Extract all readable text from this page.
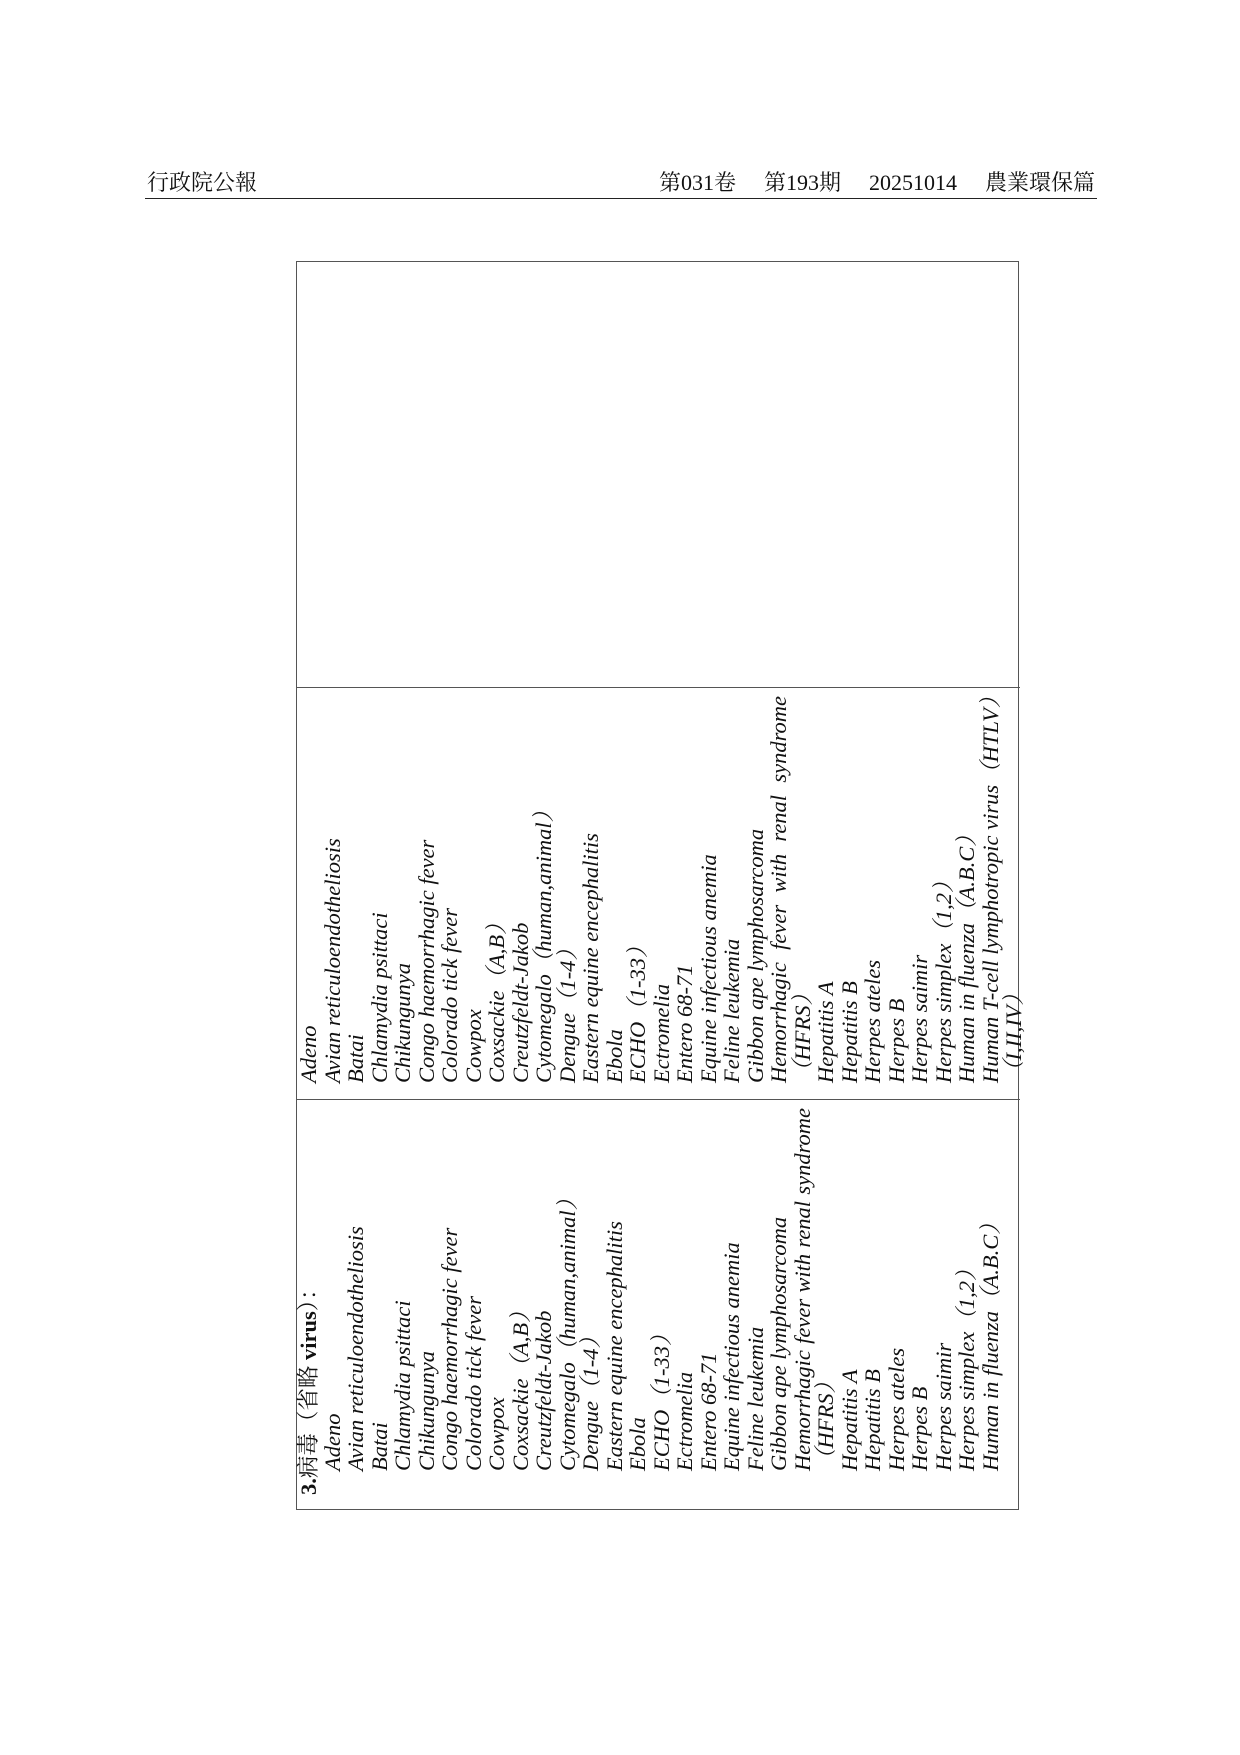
行政院公報	第031卷 第193期 20251014 農業環保篇
3.病毒（省略 virus）：
Adeno
Avian reticuloendotheliosis
Batai
Chlamydia psittaci
Chikungunya
Congo haemorrhagic fever
Colorado tick fever
Cowpox
Coxsackie（A,B）
Creutzfeldt-Jakob
Cytomegalo（human,animal）
Dengue（1-4）
Eastern equine encephalitis
Ebola
ECHO（1-33）
Ectromelia
Entero 68-71
Equine infectious anemia
Feline leukemia
Gibbon ape lymphosarcoma
Hemorrhagic fever with renal syndrome
（HFRS）
Hepatitis A
Hepatitis B
Herpes ateles
Herpes B
Herpes saimir
Herpes simplex（1,2）
Human in fluenza（A.B.C）
Adeno
Avian reticuloendotheliosis
Batai
Chlamydia psittaci
Chikungunya
Congo haemorrhagic fever
Colorado tick fever
Cowpox
Coxsackie（A,B）
Creutzfeldt-Jakob
Cytomegalo（human,animal）
Dengue（1-4）
Eastern equine encephalitis
Ebola
ECHO（1-33）
Ectromelia
Entero 68-71
Equine infectious anemia
Feline leukemia
Gibbon ape lymphosarcoma
Hemorrhagic fever with renal syndrome
（HFRS）
Hepatitis A
Hepatitis B
Herpes ateles
Herpes B
Herpes saimir
Herpes simplex（1,2）
Human in fluenza（A.B.C）
Human T-cell lymphotropic virus（HTLV）
（I,II,IV）
